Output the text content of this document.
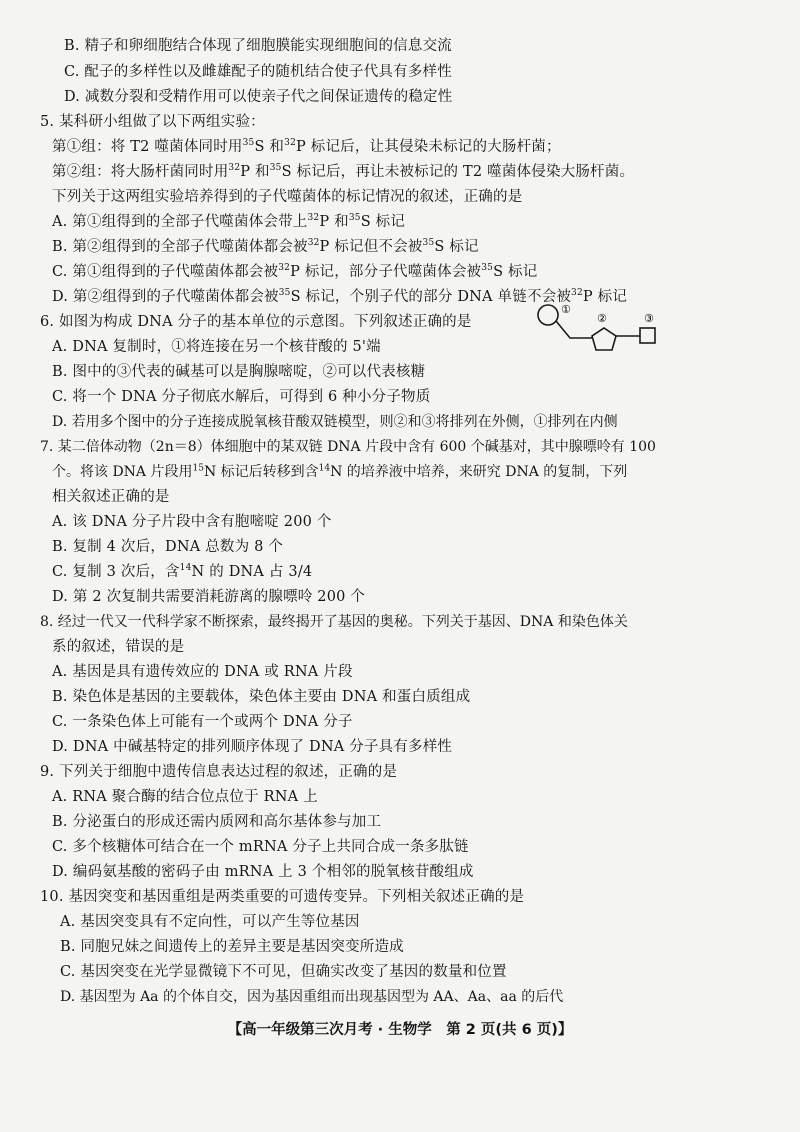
B. 精子和卵细胞结合体现了细胞膜能实现细胞间的信息交流
C. 配子的多样性以及雌雄配子的随机结合使子代具有多样性
D. 减数分裂和受精作用可以使亲子代之间保证遗传的稳定性
5. 某科研小组做了以下两组实验：
第①组：将 T2 噬菌体同时用$^{35}$S 和$^{32}$P 标记后，让其侵染未标记的大肠杆菌；
第②组：将大肠杆菌同时用$^{32}$P 和$^{35}$S 标记后，再让未被标记的 T2 噬菌体侵染大肠杆菌。
下列关于这两组实验培养得到的子代噬菌体的标记情况的叙述，正确的是
A. 第①组得到的全部子代噬菌体会带上$^{32}$P 和$^{35}$S 标记
B. 第②组得到的全部子代噬菌体都会被$^{32}$P 标记但不会被$^{35}$S 标记
C. 第①组得到的子代噬菌体都会被$^{32}$P 标记，部分子代噬菌体会被$^{35}$S 标记
D. 第②组得到的子代噬菌体都会被$^{35}$S 标记，个别子代的部分 DNA 单链不会被$^{32}$P 标记
6. 如图为构成 DNA 分子的基本单位的示意图。下列叙述正确的是
①
②	③
A. DNA 复制时，①将连接在另一个核苷酸的 5'端
B. 图中的③代表的碱基可以是胸腺嘧啶，②可以代表核糖
C. 将一个 DNA 分子彻底水解后，可得到 6 种小分子物质
D. 若用多个图中的分子连接成脱氧核苷酸双链模型，则②和③将排列在外侧，①排列在内侧
7. 某二倍体动物（2n＝8）体细胞中的某双链 DNA 片段中含有 600 个碱基对，其中腺嘌呤有 100
个。将该 DNA 片段用$^{15}$N 标记后转移到含$^{14}$N 的培养液中培养，来研究 DNA 的复制，下列
相关叙述正确的是
A. 该 DNA 分子片段中含有胞嘧啶 200 个
B. 复制 4 次后，DNA 总数为 8 个
C. 复制 3 次后，含$^{14}$N 的 DNA 占 3/4
D. 第 2 次复制共需要消耗游离的腺嘌呤 200 个
8. 经过一代又一代科学家不断探索，最终揭开了基因的奥秘。下列关于基因、DNA 和染色体关
系的叙述，错误的是
A. 基因是具有遗传效应的 DNA 或 RNA 片段
B. 染色体是基因的主要载体，染色体主要由 DNA 和蛋白质组成
C. 一条染色体上可能有一个或两个 DNA 分子
D. DNA 中碱基特定的排列顺序体现了 DNA 分子具有多样性
9. 下列关于细胞中遗传信息表达过程的叙述，正确的是
A. RNA 聚合酶的结合位点位于 RNA 上
B. 分泌蛋白的形成还需内质网和高尔基体参与加工
C. 多个核糖体可结合在一个 mRNA 分子上共同合成一条多肽链
D. 编码氨基酸的密码子由 mRNA 上 3 个相邻的脱氧核苷酸组成
10. 基因突变和基因重组是两类重要的可遗传变异。下列相关叙述正确的是
A. 基因突变具有不定向性，可以产生等位基因
B. 同胞兄妹之间遗传上的差异主要是基因突变所造成
C. 基因突变在光学显微镜下不可见，但确实改变了基因的数量和位置
D. 基因型为 Aa 的个体自交，因为基因重组而出现基因型为 AA、Aa、aa 的后代
【高一年级第三次月考 · 生物学　第 2 页(共 6 页)】
